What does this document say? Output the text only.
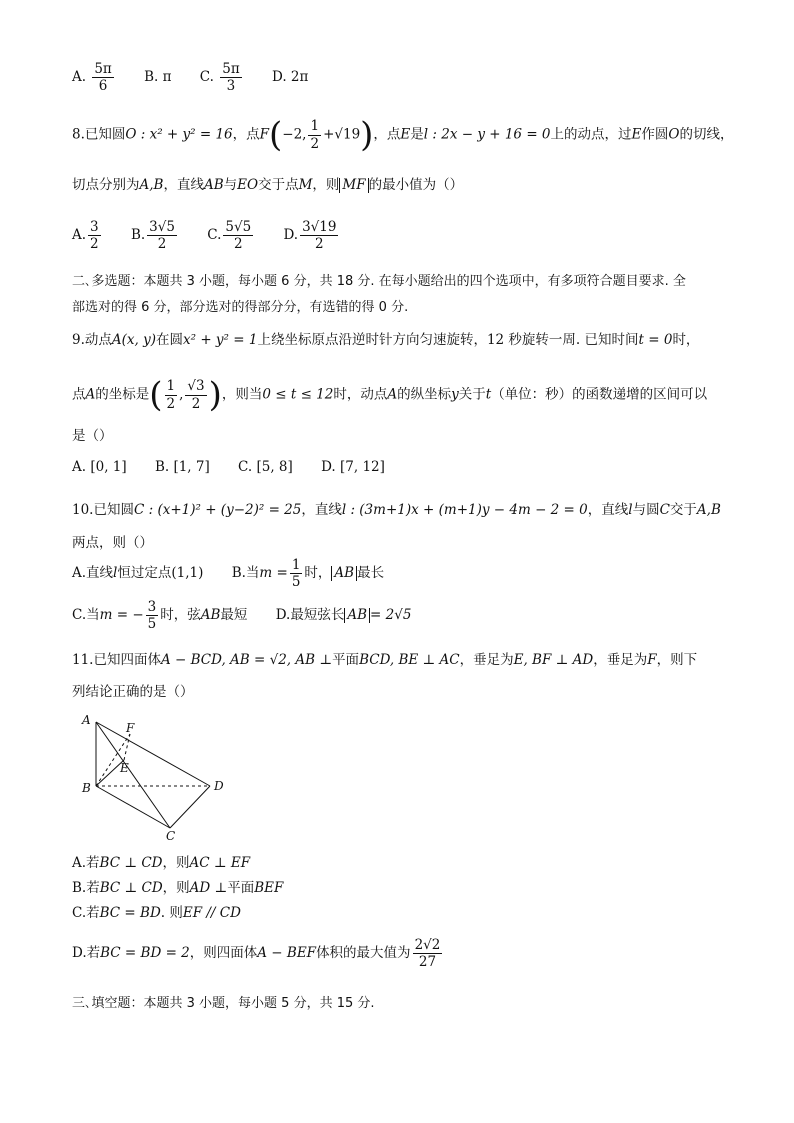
A. $\frac{5\pi}{6} B$. π C. $\frac{5\pi}{3} D$. 2π
8.已知圆O : x² + y² = 16，点F(−2, $\frac{1}{2} +√19$)，点E是l : 2x − y + 16 = 0上的动点，过E作圆O的切线，
切点分别为A,B，直线AB与EO交于点M，则 MF 的最小值为（）
A. $\frac{3}{2} B$. $\frac{3√5}{2} C$. $\frac{5√5}{2} D$. $\frac{3√19}{2}$
二､多选题：本题共 3 小题，每小题 6 分，共 18 分. 在每小题给出的四个选项中，有多项符合题目要求. 全
部选对的得 6 分，部分选对的得部分分，有选错的得 0 分.
9.动点A(x, y)在圆x² + y² = 1上绕坐标原点沿逆时针方向匀速旋转，12 秒旋转一周. 已知时间t = 0时，
点A的坐标是( $\frac{1}{2}$ , $\frac{√3}{2}$ )，则当0 ≤ t ≤ 12时，动点A的纵坐标y关于t（单位：秒）的函数递增的区间可以
是（）
A. [0, 1] B. [1, 7] C. [5, 8] D. [7, 12]
10.已知圆C : (x+1)² + (y−2)² = 25，直线l : (3m+1)x + (m+1)y − 4m − 2 = 0，直线l与圆C交于A,B
两点，则（）
A.直线l恒过定点(1,1) B.当$m = \frac{1}{5}$ 时， AB 最长
C.当m = − $\frac{3}{5}$ 时，弦AB最短 D.最短弦长 AB = 2√5
11.已知四面体A − BCD, AB = √2, AB ⊥平面BCD, BE ⊥ AC，垂足为E, BF ⊥ AD，垂足为F，则下
列结论正确的是（）
A
B
C
D
E
F
A.若BC ⊥ CD，则AC ⊥ EF
B.若BC ⊥ CD，则AD ⊥平面BEF
C.若BC = BD. 则EF // CD
D.若BC = BD = 2，则四面体A − BEF体积的最大值为 $\frac{2√2}{27}$
三､填空题：本题共 3 小题，每小题 5 分，共 15 分.
